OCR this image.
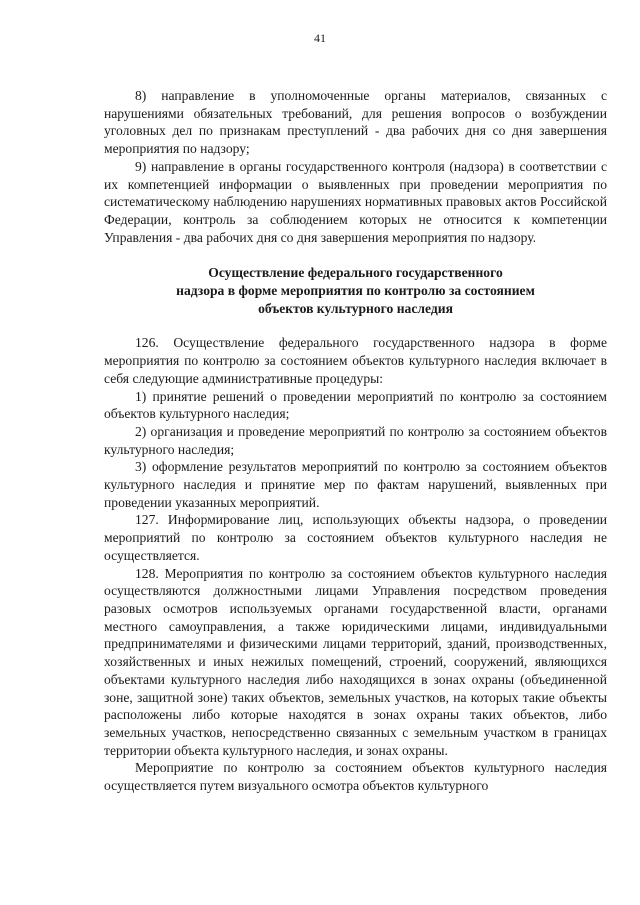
41

8) направление в уполномоченные органы материалов, связанных с нарушениями обязательных требований, для решения вопросов о возбуждении уголовных дел по признакам преступлений - два рабочих дня со дня завершения мероприятия по надзору;

9) направление в органы государственного контроля (надзора) в соответствии с их компетенцией информации о выявленных при проведении мероприятия по систематическому наблюдению нарушениях нормативных правовых актов Российской Федерации, контроль за соблюдением которых не относится к компетенции Управления - два рабочих дня со дня завершения мероприятия по надзору.

Осуществление федерального государственного
надзора в форме мероприятия по контролю за состоянием
объектов культурного наследия

126. Осуществление федерального государственного надзора в форме мероприятия по контролю за состоянием объектов культурного наследия включает в себя следующие административные процедуры:

1) принятие решений о проведении мероприятий по контролю за состоянием объектов культурного наследия;

2) организация и проведение мероприятий по контролю за состоянием объектов культурного наследия;

3) оформление результатов мероприятий по контролю за состоянием объектов культурного наследия и принятие мер по фактам нарушений, выявленных при проведении указанных мероприятий.

127. Информирование лиц, использующих объекты надзора, о проведении мероприятий по контролю за состоянием объектов культурного наследия не осуществляется.

128. Мероприятия по контролю за состоянием объектов культурного наследия осуществляются должностными лицами Управления посредством проведения разовых осмотров используемых органами государственной власти, органами местного самоуправления, а также юридическими лицами, индивидуальными предпринимателями и физическими лицами территорий, зданий, производственных, хозяйственных и иных нежилых помещений, строений, сооружений, являющихся объектами культурного наследия либо находящихся в зонах охраны (объединенной зоне, защитной зоне) таких объектов, земельных участков, на которых такие объекты расположены либо которые находятся в зонах охраны таких объектов, либо земельных участков, непосредственно связанных с земельным участком в границах территории объекта культурного наследия, и зонах охраны.

Мероприятие по контролю за состоянием объектов культурного наследия осуществляется путем визуального осмотра объектов культурного
